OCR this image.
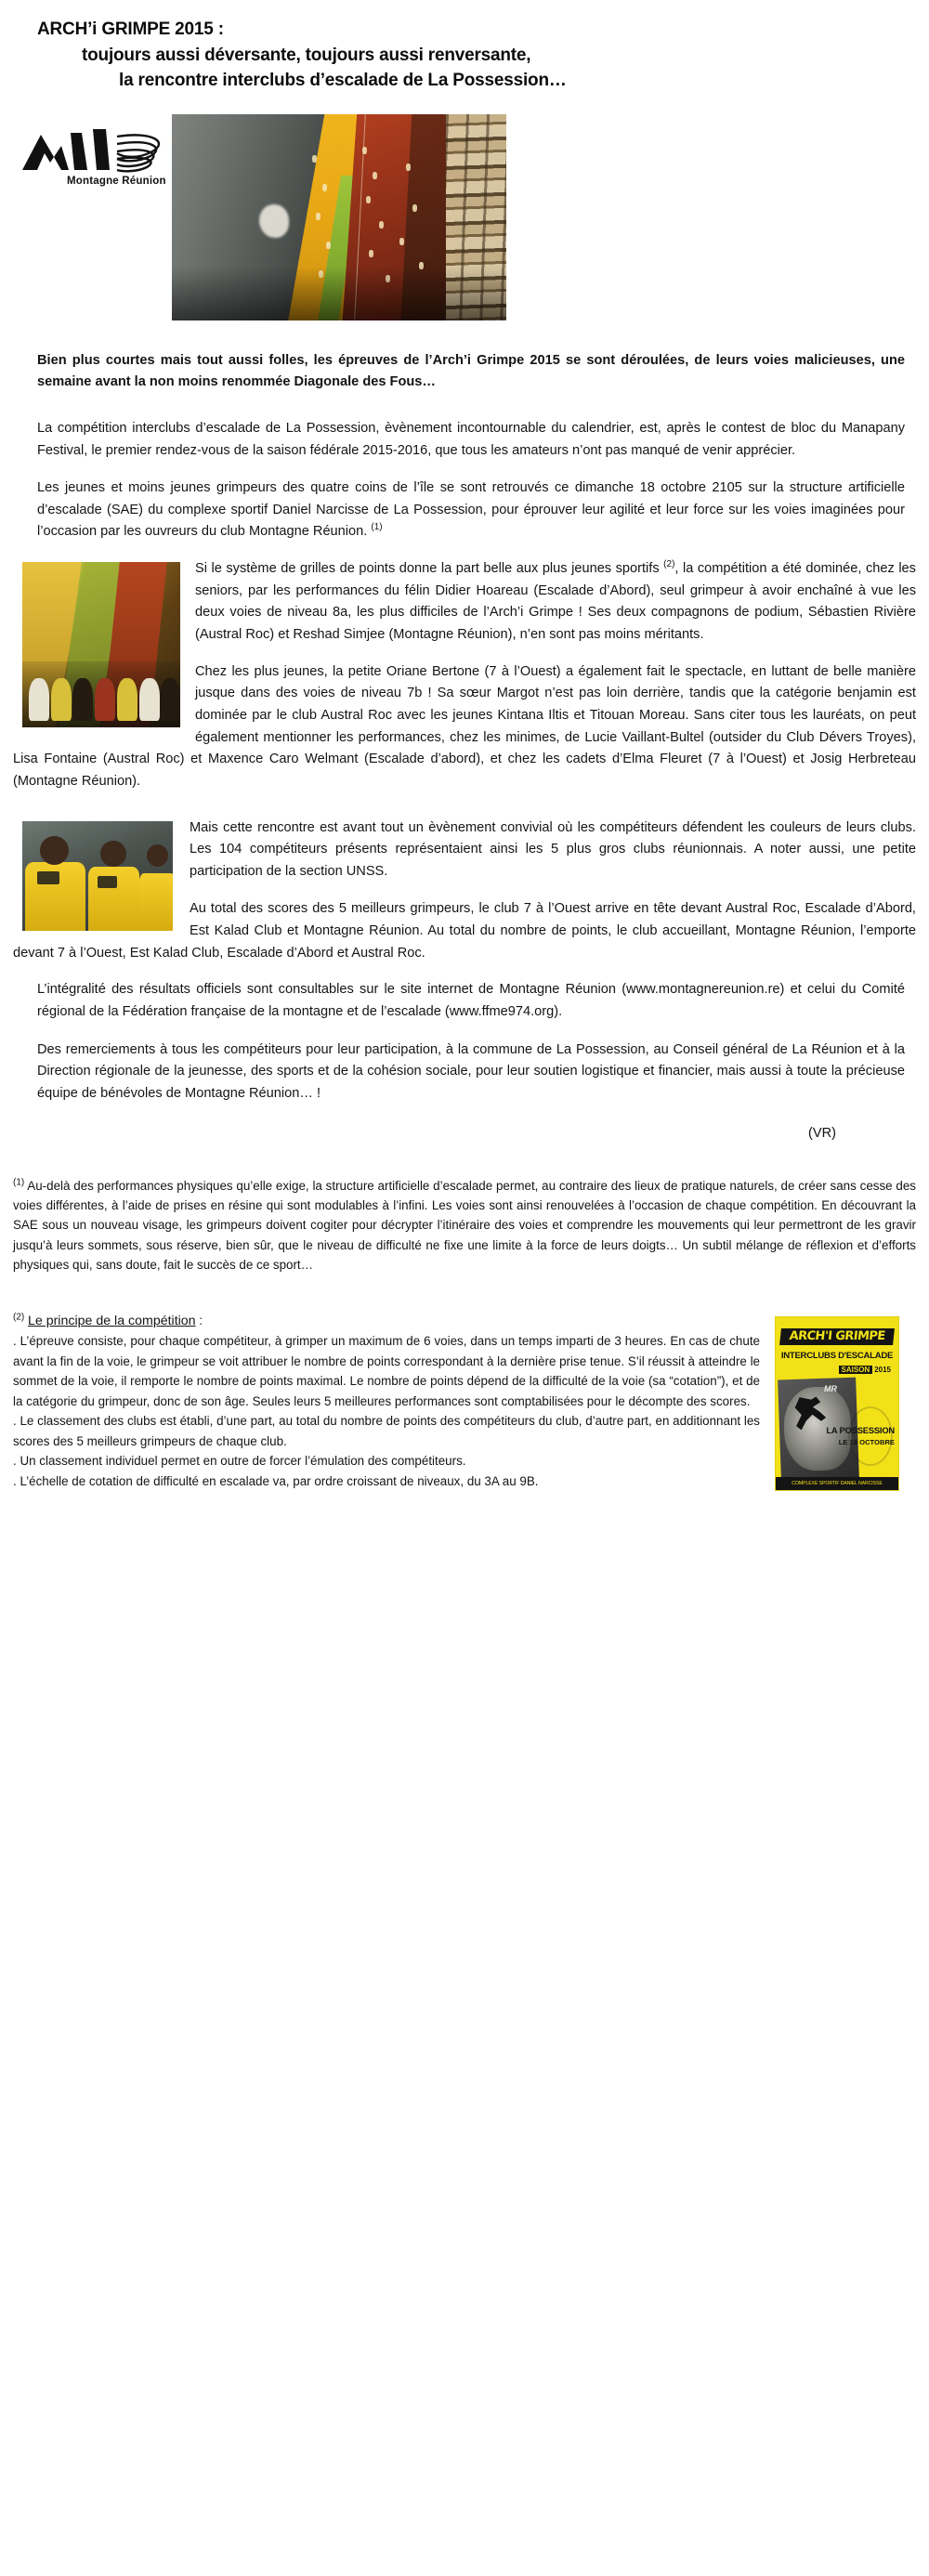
ARCH’i GRIMPE 2015 :
toujours aussi déversante, toujours aussi renversante,
la rencontre interclubs d’escalade de La Possession…
Montagne Réunion

Bien plus courtes mais tout aussi folles, les épreuves de l’Arch’i Grimpe 2015 se sont déroulées, de leurs voies malicieuses, une semaine avant la non moins renommée Diagonale des Fous…

La compétition interclubs d’escalade de La Possession, èvènement incontournable du calendrier, est, après le contest de bloc du Manapany Festival, le premier rendez-vous de la saison fédérale 2015-2016, que tous les amateurs n’ont pas manqué de venir apprécier.

Les jeunes et moins jeunes grimpeurs des quatre coins de l’île se sont retrouvés ce dimanche 18 octobre 2105 sur la structure artificielle d’escalade (SAE) du complexe sportif Daniel Narcisse de La Possession, pour éprouver leur agilité et leur force sur les voies imaginées pour l’occasion par les ouvreurs du club Montagne Réunion. $^{(1)}$

Si le système de grilles de points donne la part belle aux plus jeunes sportifs $^{(2)}$, la compétition a été dominée, chez les seniors, par les performances du félin Didier Hoareau (Escalade d’Abord), seul grimpeur à avoir enchaîné à vue les deux voies de niveau 8a, les plus difficiles de l’Arch’i Grimpe ! Ses deux compagnons de podium, Sébastien Rivière (Austral Roc) et Reshad Simjee (Montagne Réunion), n’en sont pas moins méritants.

Chez les plus jeunes, la petite Oriane Bertone (7 à l’Ouest) a également fait le spectacle, en luttant de belle manière jusque dans des voies de niveau 7b ! Sa sœur Margot n’est pas loin derrière, tandis que la catégorie benjamin est dominée par le club Austral Roc avec les jeunes Kintana Iltis et Titouan Moreau. Sans citer tous les lauréats, on peut également mentionner les performances, chez les minimes, de Lucie Vaillant-Bultel (outsider du Club Dévers Troyes), Lisa Fontaine (Austral Roc) et Maxence Caro Welmant (Escalade d’abord), et chez les cadets d’Elma Fleuret (7 à l’Ouest) et Josig Herbreteau (Montagne Réunion).

Mais cette rencontre est avant tout un èvènement convivial où les compétiteurs défendent les couleurs de leurs clubs. Les 104 compétiteurs présents représentaient ainsi les 5 plus gros clubs réunionnais. A noter aussi, une petite participation de la section UNSS.

Au total des scores des 5 meilleurs grimpeurs, le club 7 à l’Ouest arrive en tête devant Austral Roc, Escalade d’Abord, Est Kalad Club et Montagne Réunion. Au total du nombre de points, le club accueillant, Montagne Réunion, l’emporte devant 7 à l’Ouest, Est Kalad Club, Escalade d’Abord et Austral Roc.

L’intégralité des résultats officiels sont consultables sur le site internet de Montagne Réunion (www.montagnereunion.re) et celui du Comité régional de la Fédération française de la montagne et de l’escalade (www.ffme974.org).

Des remerciements à tous les compétiteurs pour leur participation, à la commune de La Possession, au Conseil général de La Réunion et à la Direction régionale de la jeunesse, des sports et de la cohésion sociale, pour leur soutien logistique et financier, mais aussi à toute la précieuse équipe de bénévoles de Montagne Réunion… !

(VR)

$^{(1)}$ Au-delà des performances physiques qu’elle exige, la structure artificielle d’escalade permet, au contraire des lieux de pratique naturels, de créer sans cesse des voies différentes, à l’aide de prises en résine qui sont modulables à l’infini. Les voies sont ainsi renouvelées à l’occasion de chaque compétition. En découvrant la SAE sous un nouveau visage, les grimpeurs doivent cogiter pour décrypter l’itinéraire des voies et comprendre les mouvements qui leur permettront de les gravir jusqu’à leurs sommets, sous réserve, bien sûr, que le niveau de difficulté ne fixe une limite à la force de leurs doigts… Un subtil mélange de réflexion et d’efforts physiques qui, sans doute, fait le succès de ce sport…

ARCH'I GRIMPE
INTERCLUBS D'ESCALADE
SAISON 2015
MR
LA POSSESSION
LE 18 OCTOBRE
COMPLEXE SPORTIF DANIEL NARCISSE

$^{(2)}$ Le principe de la compétition :

. L’épreuve consiste, pour chaque compétiteur, à grimper un maximum de 6 voies, dans un temps imparti de 3 heures. En cas de chute avant la fin de la voie, le grimpeur se voit attribuer le nombre de points correspondant à la dernière prise tenue. S’il réussit à atteindre le sommet de la voie, il remporte le nombre de points maximal. Le nombre de points dépend de la difficulté de la voie (sa “cotation”), et de la catégorie du grimpeur, donc de son âge. Seules leurs 5 meilleures performances sont comptabilisées pour le décompte des scores.

. Le classement des clubs est établi, d’une part, au total du nombre de points des compétiteurs du club, d’autre part, en additionnant les scores des 5 meilleurs grimpeurs de chaque club.

. Un classement individuel permet en outre de forcer l’émulation des compétiteurs.

. L’échelle de cotation de difficulté en escalade va, par ordre croissant de niveaux, du 3A au 9B.
